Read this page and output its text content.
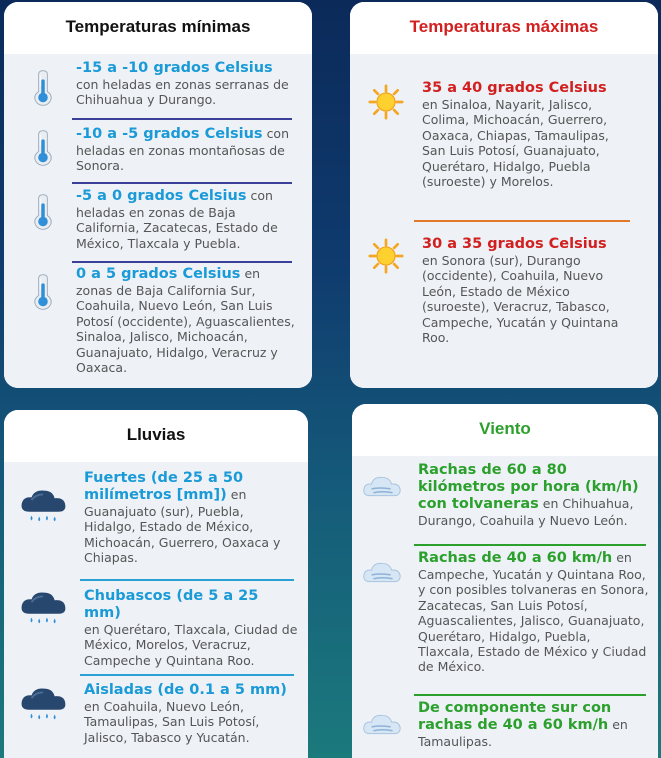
Temperaturas mínimas
-15 a -10 grados Celsius
con heladas en zonas serranas de Chihuahua y Durango.
-10 a -5 grados Celsius con heladas en zonas montañosas de Sonora.
-5 a 0 grados Celsius con heladas en zonas de Baja California, Zacatecas, Estado de México, Tlaxcala y Puebla.
0 a 5 grados Celsius en zonas de Baja California Sur, Coahuila, Nuevo León, San Luis Potosí (occidente), Aguascalientes, Sinaloa, Jalisco, Michoacán, Guanajuato, Hidalgo, Veracruz y Oaxaca.
Temperaturas máximas
35 a 40 grados Celsius
en Sinaloa, Nayarit, Jalisco, Colima, Michoacán, Guerrero, Oaxaca, Chiapas, Tamaulipas, San Luis Potosí, Guanajuato, Querétaro, Hidalgo, Puebla (suroeste) y Morelos.
30 a 35 grados Celsius
en Sonora (sur), Durango (occidente), Coahuila, Nuevo León, Estado de México (suroeste), Veracruz, Tabasco, Campeche, Yucatán y Quintana Roo.
Lluvias
Fuertes (de 25 a 50 milímetros [mm]) en Guanajuato (sur), Puebla, Hidalgo, Estado de México, Michoacán, Guerrero, Oaxaca y Chiapas.
Chubascos (de 5 a 25 mm)
en Querétaro, Tlaxcala, Ciudad de México, Morelos, Veracruz, Campeche y Quintana Roo.
Aisladas (de 0.1 a 5 mm)
en Coahuila, Nuevo León, Tamaulipas, San Luis Potosí, Jalisco, Tabasco y Yucatán.
Viento
Rachas de 60 a 80 kilómetros por hora (km/h) con tolvaneras en Chihuahua, Durango, Coahuila y Nuevo León.
Rachas de 40 a 60 km/h en Campeche, Yucatán y Quintana Roo, y con posibles tolvaneras en Sonora, Zacatecas, San Luis Potosí, Aguascalientes, Jalisco, Guanajuato, Querétaro, Hidalgo, Puebla, Tlaxcala, Estado de México y Ciudad de México.
De componente sur con rachas de 40 a 60 km/h en Tamaulipas.
